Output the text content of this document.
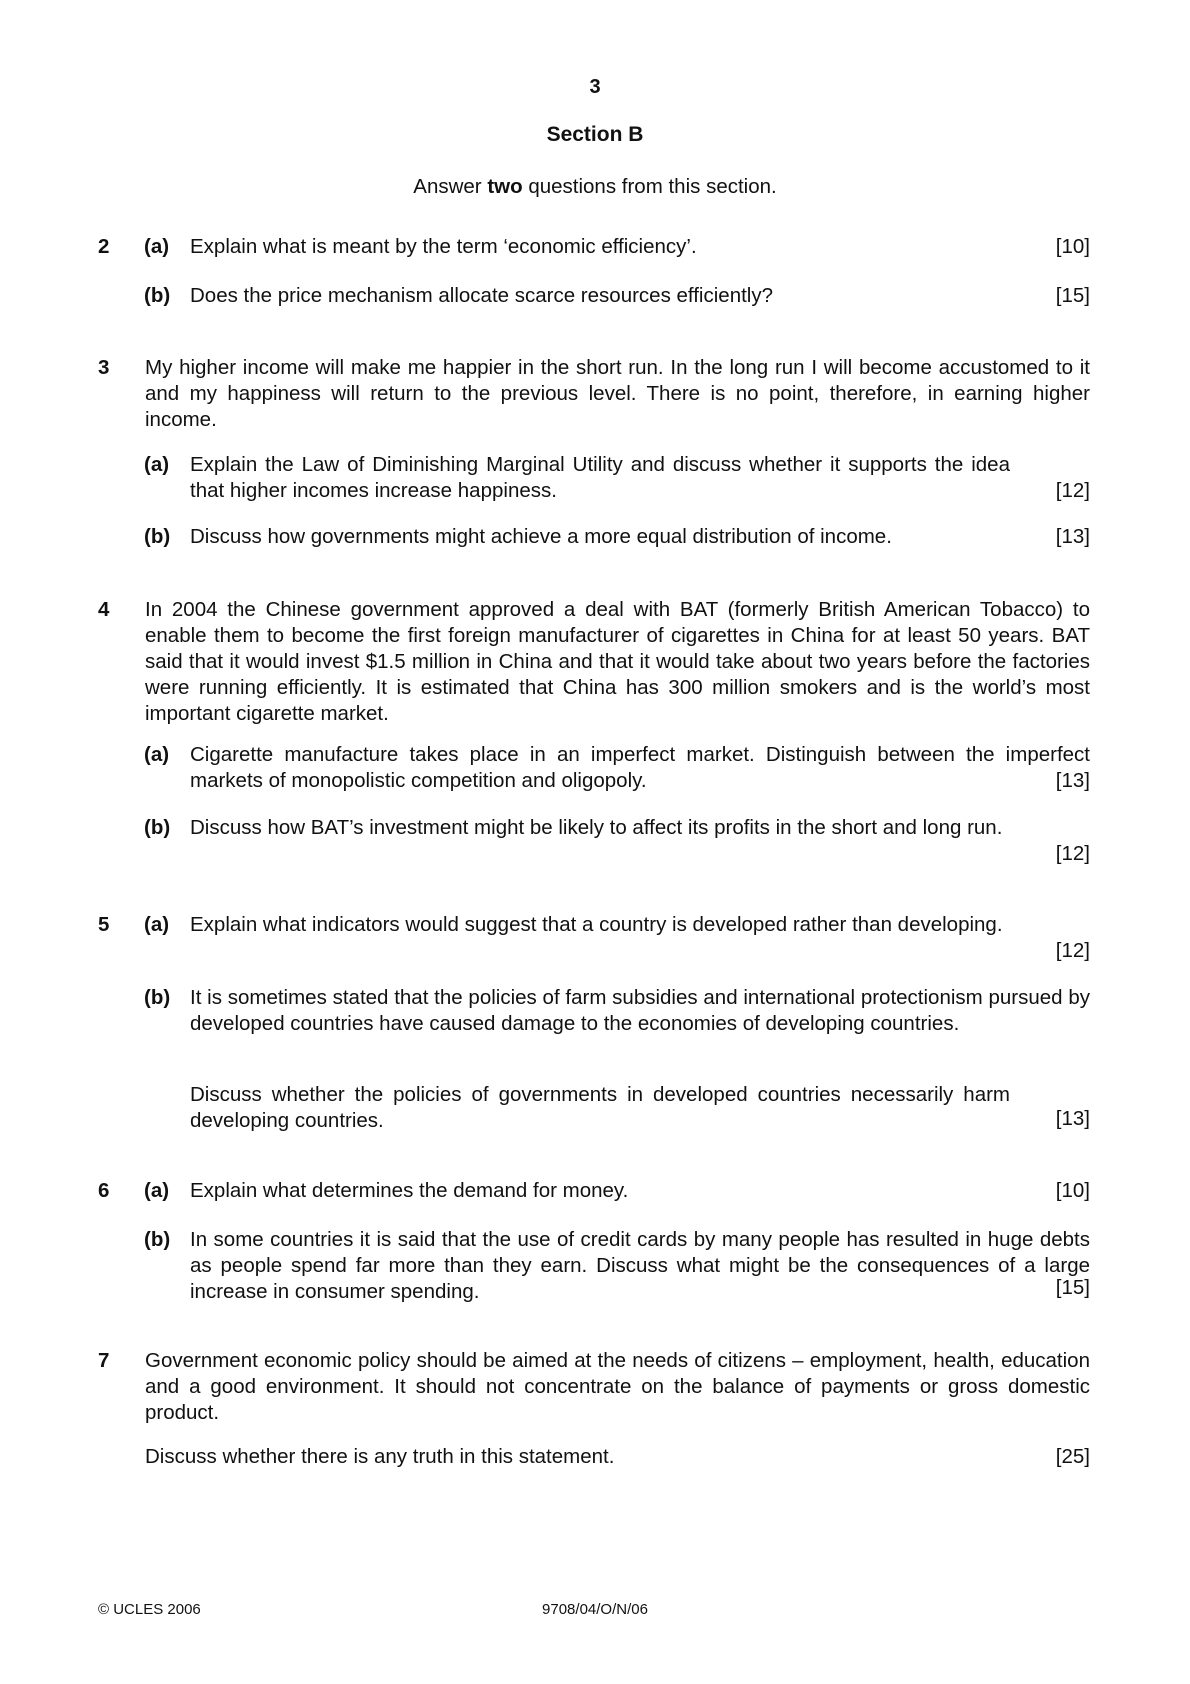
3
Section B
Answer two questions from this section.
2 (a) Explain what is meant by the term ‘economic efficiency’.	[10]
(b) Does the price mechanism allocate scarce resources efficiently?	[15]
3 My higher income will make me happier in the short run. In the long run I will become accustomed to it and my happiness will return to the previous level. There is no point, therefore, in earning higher income.
(a) Explain the Law of Diminishing Marginal Utility and discuss whether it supports the idea that higher incomes increase happiness.	[12]
(b) Discuss how governments might achieve a more equal distribution of income.	[13]
4 In 2004 the Chinese government approved a deal with BAT (formerly British American Tobacco) to enable them to become the first foreign manufacturer of cigarettes in China for at least 50 years. BAT said that it would invest $1.5 million in China and that it would take about two years before the factories were running efficiently. It is estimated that China has 300 million smokers and is the world’s most important cigarette market.
(a) Cigarette manufacture takes place in an imperfect market. Distinguish between the imperfect markets of monopolistic competition and oligopoly.	[13]
(b) Discuss how BAT’s investment might be likely to affect its profits in the short and long run.
[12]
5 (a) Explain what indicators would suggest that a country is developed rather than developing.
[12]
(b) It is sometimes stated that the policies of farm subsidies and international protectionism pursued by developed countries have caused damage to the economies of developing countries.
Discuss whether the policies of governments in developed countries necessarily harm developing countries.	[13]
6 (a) Explain what determines the demand for money.	[10]
(b) In some countries it is said that the use of credit cards by many people has resulted in huge debts as people spend far more than they earn. Discuss what might be the consequences of a large increase in consumer spending.	[15]
7 Government economic policy should be aimed at the needs of citizens – employment, health, education and a good environment. It should not concentrate on the balance of payments or gross domestic product.
Discuss whether there is any truth in this statement.	[25]
© UCLES 2006	9708/04/O/N/06
